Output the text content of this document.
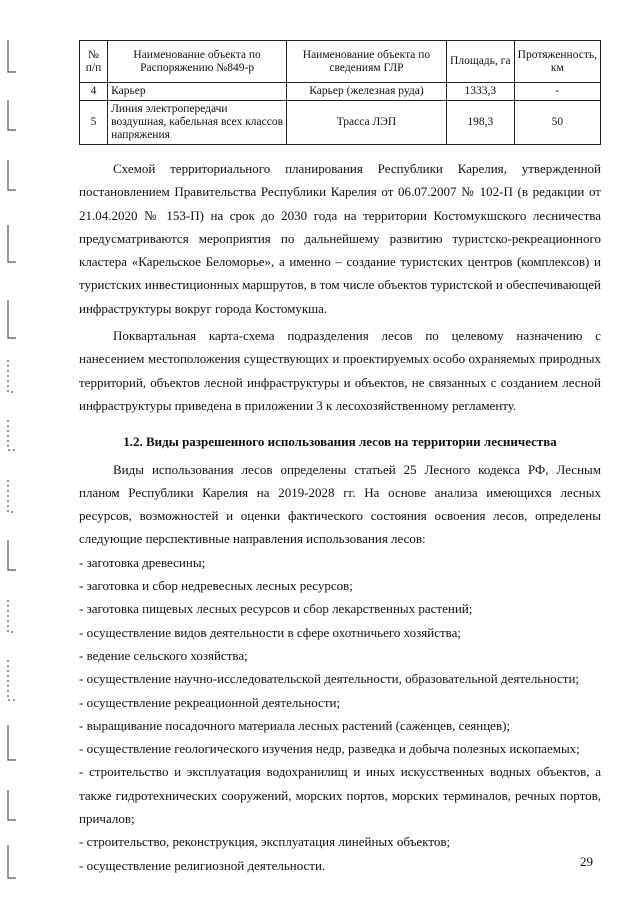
№ п/п	Наименование объекта по Распоряжению №849-р	Наименование объекта по сведениям ГЛР	Площадь, га	Протяженность, км
4	Карьер	Карьер (железная руда)	1333,3	-
5	Линия электропередачи воздушная, кабельная всех классов напряжения	Трасса ЛЭП	198,3	50

Схемой территориального планирования Республики Карелия, утвержденной постановлением Правительства Республики Карелия от 06.07.2007 № 102-П (в редакции от 21.04.2020 № 153-П) на срок до 2030 года на территории Костомукшского лесничества предусматриваются мероприятия по дальнейшему развитию туристско-рекреационного кластера «Карельское Беломорье», а именно – создание туристских центров (комплексов) и туристских инвестиционных маршрутов, в том числе объектов туристской и обеспечивающей инфраструктуры вокруг города Костомукша.

Поквартальная карта-схема подразделения лесов по целевому назначению с нанесением местоположения существующих и проектируемых особо охраняемых природных территорий, объектов лесной инфраструктуры и объектов, не связанных с созданием лесной инфраструктуры приведена в приложении 3 к лесохозяйственному регламенту.

1.2. Виды разрешенного использования лесов на территории лесничества

Виды использования лесов определены статьей 25 Лесного кодекса РФ, Лесным планом Республики Карелия на 2019-2028 гг. На основе анализа имеющихся лесных ресурсов, возможностей и оценки фактического состояния освоения лесов, определены следующие перспективные направления использования лесов:

- заготовка древесины;

- заготовка и сбор недревесных лесных ресурсов;

- заготовка пищевых лесных ресурсов и сбор лекарственных растений;

- осуществление видов деятельности в сфере охотничьего хозяйства;

- ведение сельского хозяйства;

- осуществление научно-исследовательской деятельности, образовательной деятельности;

- осуществление рекреационной деятельности;

- выращивание посадочного материала лесных растений (саженцев, сеянцев);

- осуществление геологического изучения недр, разведка и добыча полезных ископаемых;

- строительство и эксплуатация водохранилищ и иных искусственных водных объектов, а также гидротехнических сооружений, морских портов, морских терминалов, речных портов, причалов;

- строительство, реконструкция, эксплуатация линейных объектов;

- осуществление религиозной деятельности.	29
